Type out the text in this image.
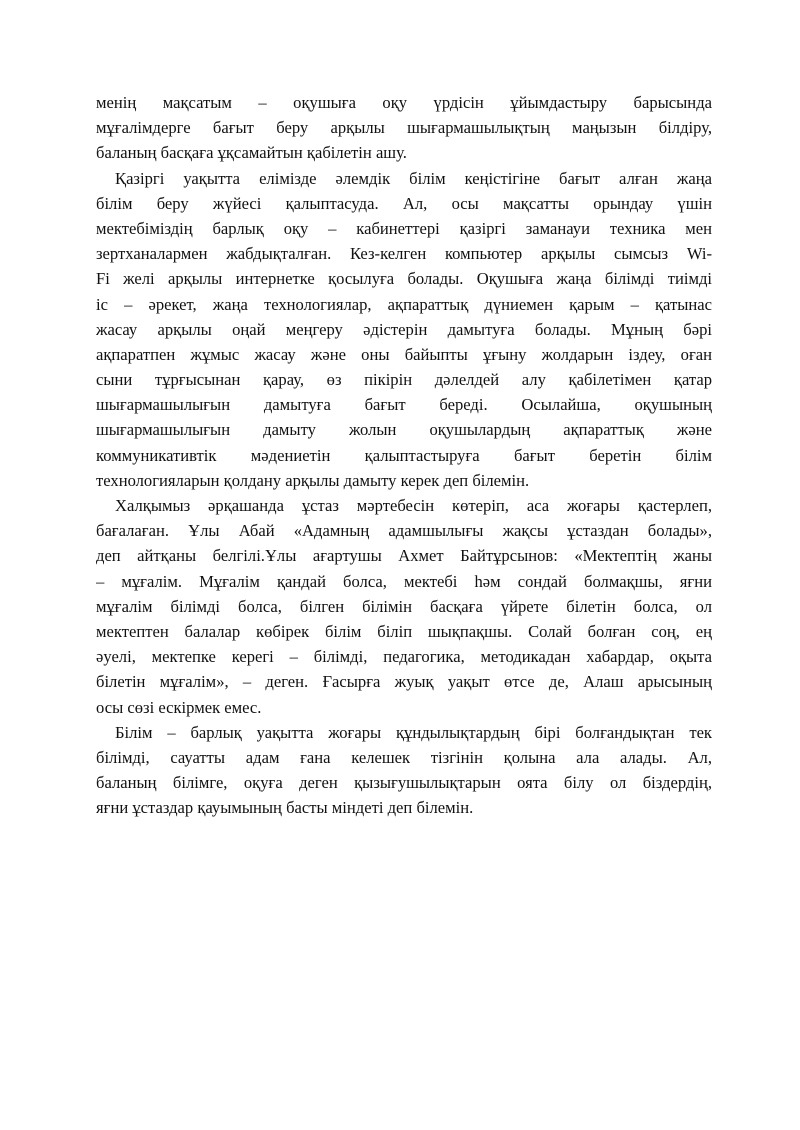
менің мақсатым – оқушыға оқу үрдісін ұйымдастыру барысында
мұғалімдерге бағыт беру арқылы шығармашылықтың маңызын білдіру,
баланың басқаға ұқсамайтын қабілетін ашу.
Қазіргі уақытта елімізде әлемдік білім кеңістігіне бағыт алған жаңа
білім беру жүйесі қалыптасуда. Ал, осы мақсатты орындау үшін
мектебіміздің барлық оқу – кабинеттері қазіргі заманауи техника мен
зертханалармен жабдықталған. Кез-келген компьютер арқылы сымсыз Wi-
Fi желі арқылы интернетке қосылуға болады. Оқушыға жаңа білімді тиімді
іс – әрекет, жаңа технологиялар, ақпараттық дүниемен қарым – қатынас
жасау арқылы оңай меңгеру әдістерін дамытуға болады. Мұның бәрі
ақпаратпен жұмыс жасау және оны байыпты ұғыну жолдарын іздеу, оған
сыни тұрғысынан қарау, өз пікірін дәлелдей алу қабілетімен қатар
шығармашылығын дамытуға бағыт береді. Осылайша, оқушының
шығармашылығын дамыту жолын оқушылардың ақпараттық және
коммуникативтік мәдениетін қалыптастыруға бағыт беретін білім
технологияларын қолдану арқылы дамыту керек деп білемін.
Халқымыз әрқашанда ұстаз мәртебесін көтеріп, аса жоғары қастерлеп,
бағалаған. Ұлы Абай «Адамның адамшылығы жақсы ұстаздан болады»,
деп айтқаны белгілі.Ұлы ағартушы Ахмет Байтұрсынов: «Мектептің жаны
– мұғалім. Мұғалім қандай болса, мектебі һәм сондай болмақшы, яғни
мұғалім білімді болса, білген білімін басқаға үйрете білетін болса, ол
мектептен балалар көбірек білім біліп шықпақшы. Солай болған соң, ең
әуелі, мектепке керегі – білімді, педагогика, методикадан хабардар, оқыта
білетін мұғалім», – деген. Ғасырға жуық уақыт өтсе де, Алаш арысының
осы сөзі ескірмек емес.
Білім – барлық уақытта жоғары құндылықтардың бірі болғандықтан тек
білімді, сауатты адам ғана келешек тізгінін қолына ала алады. Ал,
баланың білімге, оқуға деген қызығушылықтарын оята білу ол біздердің,
яғни ұстаздар қауымының басты міндеті деп білемін.
